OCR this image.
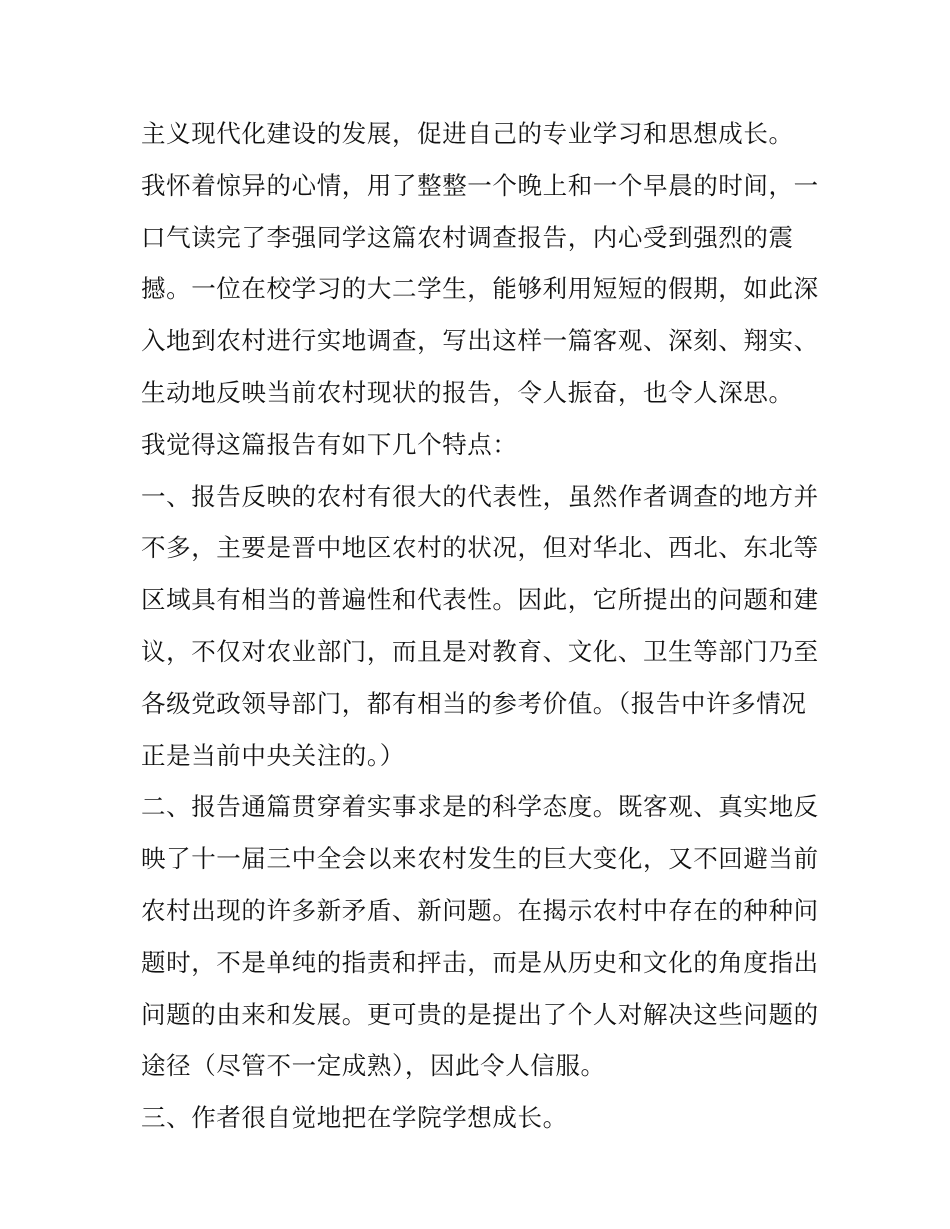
主义现代化建设的发展，促进自己的专业学习和思想成长。
我怀着惊异的心情，用了整整一个晚上和一个早晨的时间，一
口气读完了李强同学这篇农村调查报告，内心受到强烈的震
撼。一位在校学习的大二学生，能够利用短短的假期，如此深
入地到农村进行实地调查，写出这样一篇客观、深刻、翔实、
生动地反映当前农村现状的报告，令人振奋，也令人深思。
我觉得这篇报告有如下几个特点：
一、报告反映的农村有很大的代表性，虽然作者调查的地方并
不多，主要是晋中地区农村的状况，但对华北、西北、东北等
区域具有相当的普遍性和代表性。因此，它所提出的问题和建
议，不仅对农业部门，而且是对教育、文化、卫生等部门乃至
各级党政领导部门，都有相当的参考价值。（报告中许多情况
正是当前中央关注的。）
二、报告通篇贯穿着实事求是的科学态度。既客观、真实地反
映了十一届三中全会以来农村发生的巨大变化，又不回避当前
农村出现的许多新矛盾、新问题。在揭示农村中存在的种种问
题时，不是单纯的指责和抨击，而是从历史和文化的角度指出
问题的由来和发展。更可贵的是提出了个人对解决这些问题的
途径（尽管不一定成熟），因此令人信服。
三、作者很自觉地把在学院学想成长。
